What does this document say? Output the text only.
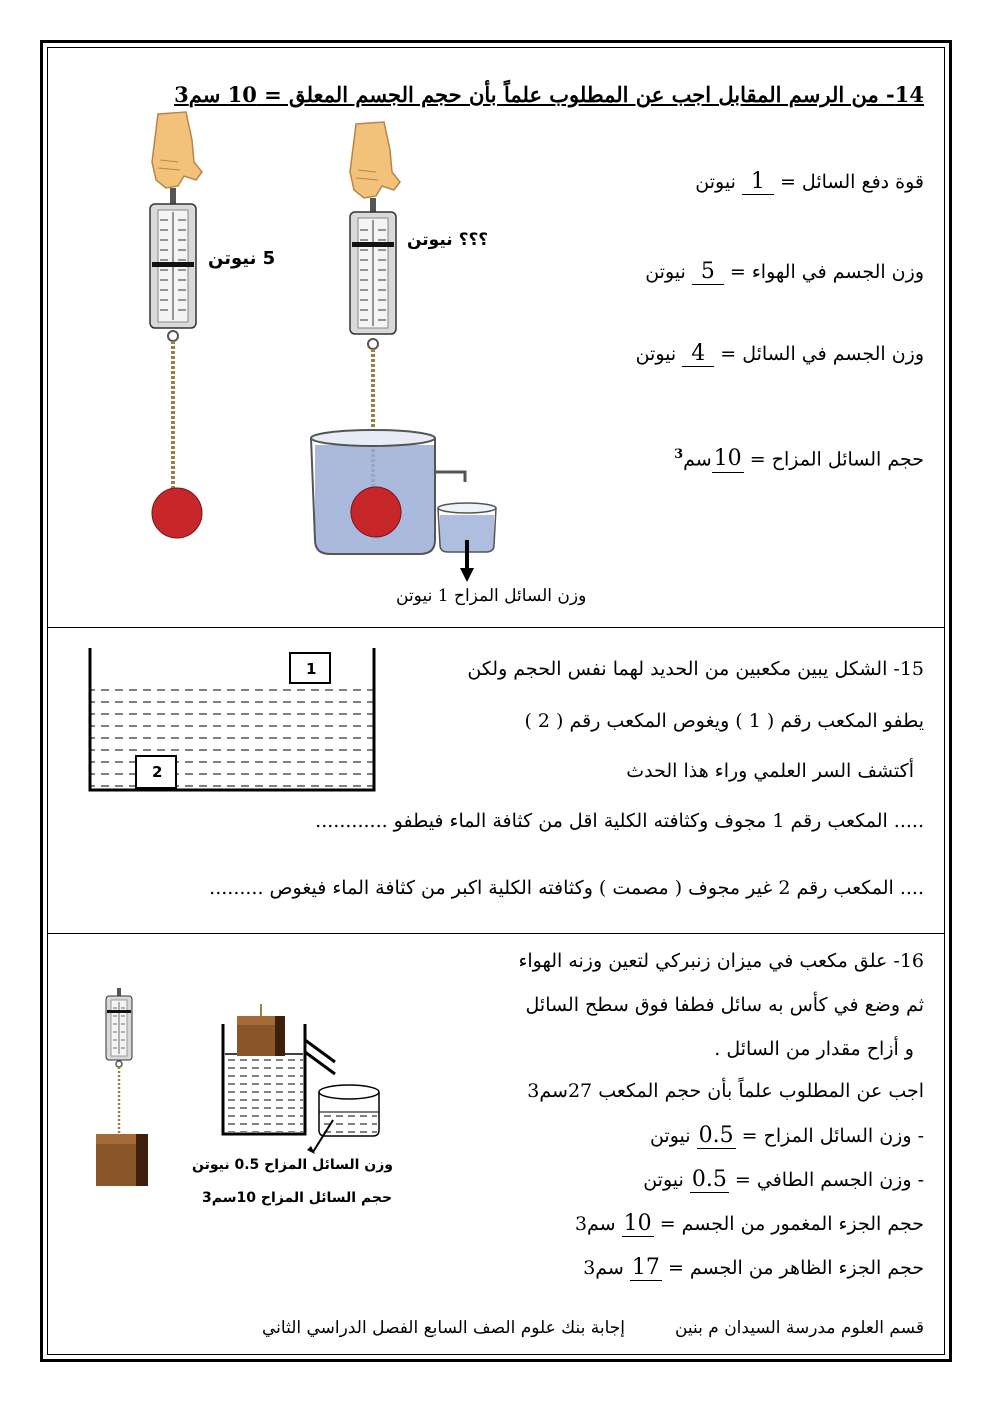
14- من الرسم المقابل اجب عن المطلوب علماً بأن حجم الجسم المعلق = 10 سم3
قوة دفع السائل = 1 نيوتن
وزن الجسم في الهواء = 5 نيوتن
وزن الجسم في السائل = 4 نيوتن
حجم السائل المزاح = 10سم$^3$
5 نيوتن
؟؟؟ نيوتن
وزن السائل المزاح 1 نيوتن
15- الشكل يبين مكعبين من الحديد لهما نفس الحجم ولكن
يطفو المكعب رقم ( 1 ) ويغوص المكعب رقم ( 2 )
أكتشف السر العلمي وراء هذا الحدث
..... المكعب رقم 1 مجوف وكثافته الكلية اقل من كثافة الماء فيطفو ............
.... المكعب رقم 2 غير مجوف ( مصمت ) وكثافته الكلية اكبر من كثافة الماء فيغوص .........
1
2
16- علق مكعب في ميزان زنبركي لتعين وزنه الهواء
ثم وضع في كأس به سائل فطفا فوق سطح السائل
و أزاح مقدار من السائل .
اجب عن المطلوب علماً بأن حجم المكعب 27سم3
- وزن السائل المزاح = 0.5 نيوتن
- وزن الجسم الطافي = 0.5 نيوتن
حجم الجزء المغمور من الجسم = 10 سم3
حجم الجزء الظاهر من الجسم = 17 سم3
وزن السائل المزاح 0.5 نيوتن
حجم السائل المزاح 10سم3
قسم العلوم مدرسة السيدان م بنين
إجابة بنك علوم الصف السابع الفصل الدراسي الثاني
